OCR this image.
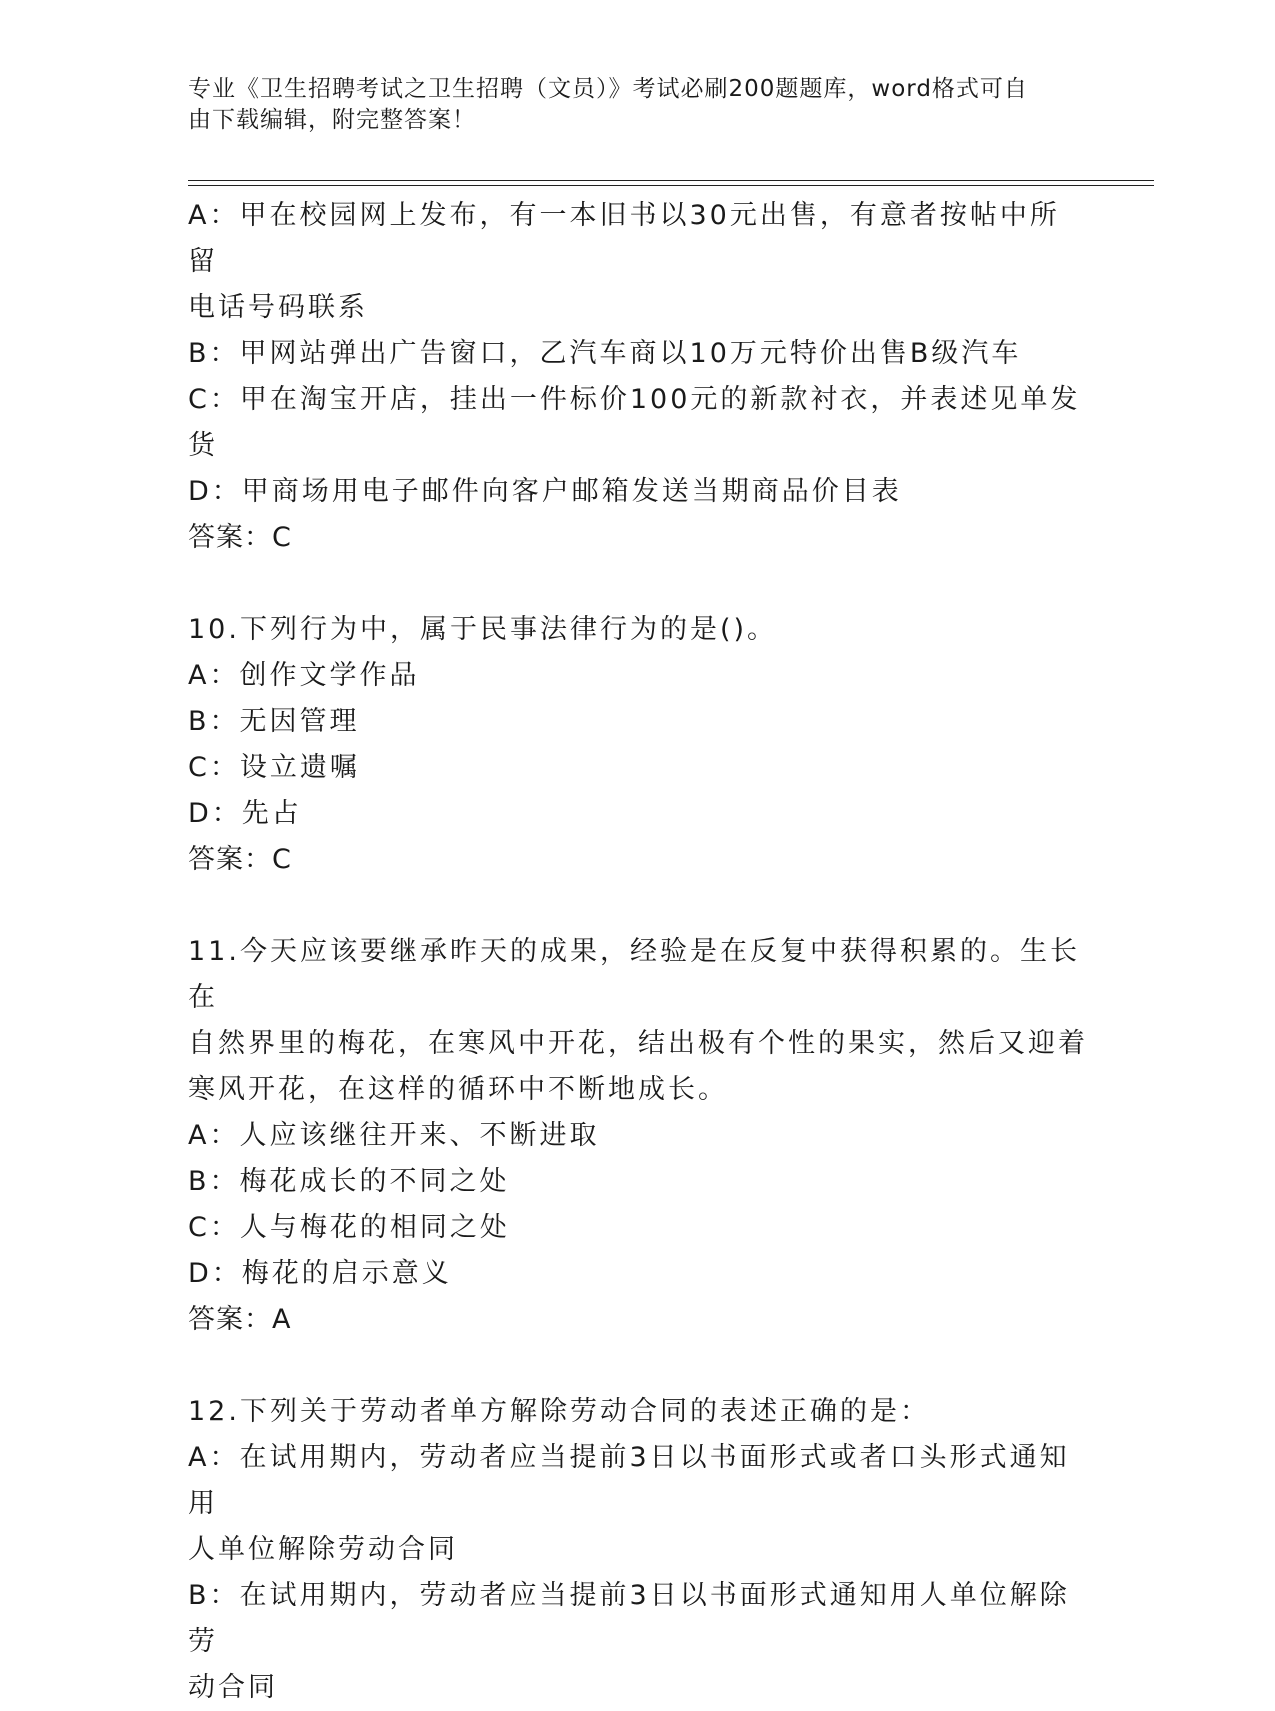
专业《卫生招聘考试之卫生招聘（文员）》考试必刷200题题库，word格式可自
由下载编辑，附完整答案！
A：甲在校园网上发布，有一本旧书以30元出售，有意者按帖中所留
电话号码联系
B：甲网站弹出广告窗口，乙汽车商以10万元特价出售B级汽车
C：甲在淘宝开店，挂出一件标价100元的新款衬衣，并表述见单发货
D：甲商场用电子邮件向客户邮箱发送当期商品价目表
答案：C
10.下列行为中，属于民事法律行为的是()。
A：创作文学作品
B：无因管理
C：设立遗嘱
D：先占
答案：C
11.今天应该要继承昨天的成果，经验是在反复中获得积累的。生长在
自然界里的梅花，在寒风中开花，结出极有个性的果实，然后又迎着
寒风开花，在这样的循环中不断地成长。
A：人应该继往开来、不断进取
B：梅花成长的不同之处
C：人与梅花的相同之处
D：梅花的启示意义
答案：A
12.下列关于劳动者单方解除劳动合同的表述正确的是：
A：在试用期内，劳动者应当提前3日以书面形式或者口头形式通知用
人单位解除劳动合同
B：在试用期内，劳动者应当提前3日以书面形式通知用人单位解除劳
动合同
